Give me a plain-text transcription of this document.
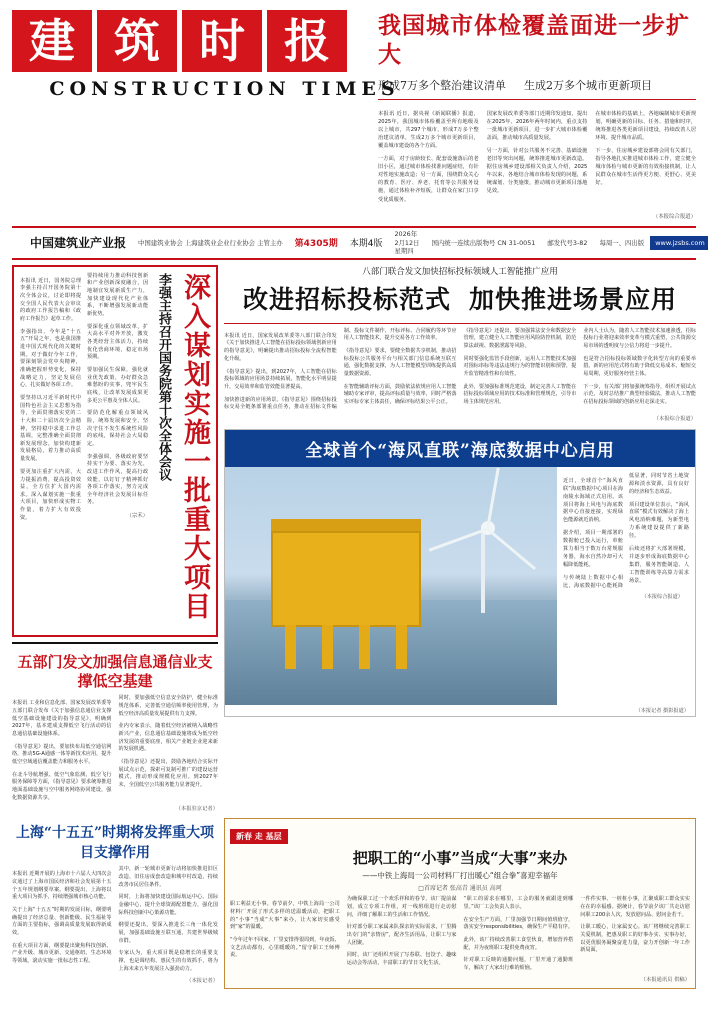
建 筑 时 报
CONSTRUCTION TIMES
我国城市体检覆盖面进一步扩大
形成7万多个整治建议清单 生成2万多个城市更新项目

本报讯 近日，据央视《新闻联播》报道，2025年，我国城市体检覆盖至所有地级及以上城市，共297个城市，形成7万多个整治建议清单，生成2万多个城市更新项目，覆盖城市建设的各个方面。

一方面，对于房龄较长、配套设施落后的老旧小区，通过城市体检找准问题症结，有针对性地实施改造；另一方面，围绕群众关心的教育、医疗、养老、托育等公共服务设施，通过体检补齐短板，让群众在家门口享受优质服务。

国家发展改革委等部门近期印发通知，提出在2025年、2026年两年时间内，重点支持一批城市更新项目，进一步扩大城市体检覆盖面，推动城市高质量发展。

另一方面，针对公共服务不完善、基础设施老旧等突出问题，统筹推进城市更新改造。据住房城乡建设部相关负责人介绍，2025年以来，各地结合城市体检发现的问题，系统谋划、分类施策，推动城市更新项目落地见效。

在城市体检的基础上，各地编制城市更新规划，明确更新的目标、任务、措施和时序，统筹推进各类更新项目建设，持续改善人居环境、提升城市品质。

下一步，住房城乡建设部将会同有关部门，指导各地扎实推进城市体检工作，建立健全城市体检与城市更新的有效衔接机制，让人民群众在城市生活得更方便、更舒心、更美好。

（本报综合报道）
中国建筑业产业报	中国建筑业协会 上海建筑业企业行业协会 主管主办	第4305期	本期4版
2026年
2月12日
星期四
国内统一连续出版物号 CN 31-0051	邮发代号3-82	每周一、四出版	www.jzsbs.com

本报讯 近日，国务院总理李强主持召开国务院第十次全体会议，讨论即将提交全国人民代表大会审议的政府工作报告稿和《政府工作报告》起草工作。

李强指出，今年是“十五五”开局之年，也是我国推进中国式现代化的关键时期。对于做好今年工作，要深刻领会党中央精神，准确把握形势变化，保持战略定力，坚定发展信心，扎实做好各项工作。

要坚持以习近平新时代中国特色社会主义思想为指导，全面贯彻落实党的二十大和二十届历次全会精神，坚持稳中求进工作总基调，完整准确全面贯彻新发展理念，加快构建新发展格局，着力推动高质量发展。

要更加注重扩大内需，大力提振消费，提高投资效益，全方位扩大国内需求。深入谋划实施一批重大项目，加快形成实物工作量，着力扩大有效投资。

要持续用力推动科技创新和产业创新深度融合，因地制宜发展新质生产力，加快建设现代化产业体系，不断增强发展新动能新优势。

要深化重点领域改革，扩大高水平对外开放，激发各类经营主体活力，持续优化营商环境，稳定市场预期。

要加强民生保障，强化就业优先政策，办好群众急难愁盼的实事，兜牢民生底线，让改革发展成果更多更公平惠及全体人民。

要防范化解重点领域风险，统筹发展和安全，坚决守住不发生系统性风险的底线，保持社会大局稳定。

李强强调，各级政府要坚持实干为要、落实为先，改进工作作风，提高行政效能，以钉钉子精神抓好各项工作落实，努力完成全年经济社会发展目标任务。

（宗禾）
李强主持召开国务院第十次全体会议 深入谋划实施一批重大项目
五部门发文加强信息通信业支撑低空基建

本报讯 工业和信息化部、国家发展改革委等五部门联合发布《关于加强信息通信业支撑低空基础设施建设的指导意见》，明确到2027年，基本建成支撑低空飞行活动的信息通信基础设施体系。

《指导意见》提出，要加快布局低空通信网络，推动5G-A通感一体等新技术应用，提升低空空域通信覆盖能力和服务水平。

在北斗导航增强、低空气象监测、低空飞行服务保障等方面，《指导意见》要求统筹推进地面基础设施与空中服务网络协同建设，强化数据资源共享。

同时，要加强低空信息安全防护，健全标准规范体系，完善低空通信频率使用管理，为低空经济高质量发展提供有力支撑。

业内专家表示，随着低空经济被纳入战略性新兴产业，信息通信基础设施将成为低空经济发展的重要底座，相关产业链企业迎来新的发展机遇。

《指导意见》还提出，鼓励各地结合实际开展试点示范，探索可复制可推广的建设运营模式，推动形成规模化应用。到2027年末，全国低空公共服务能力显著提升。

（本报驻京记者）
八部门联合发文加快招标投标领域人工智能推广应用
改进招标投标范式 加快推进场景应用

本报讯 近日，国家发展改革委等八部门联合印发《关于加快推进人工智能在招标投标领域创新应用的指导意见》，明确提出推动招标投标全流程智能化升级。

《指导意见》提出，到2027年，人工智能在招标投标领域的应用场景持续拓展，智能化水平明显提升，交易效率和监管效能显著提高。

加快推进新的应用场景。《指导意见》围绕招标投标交易全链条部署重点任务，推动在招标文件编制、投标文件制作、开标评标、合同履约等环节应用人工智能技术，提升交易各方工作效率。

《指导意见》要求，要健全数据共享机制，推动招标投标公共服务平台与相关部门信息系统互联互通，强化数据支撑，为人工智能模型训练提供高质量数据资源。

在智能辅助评标方面，鼓励依法依规应用人工智能辅助专家评审，提高评标质量与效率，同时严格落实评标专家主体责任，确保评标结果公平公正。

《指导意见》还提出，要加强算法安全和数据安全管理，建立健全人工智能应用风险防控机制，防范算法歧视、数据泄露等风险。

同时要强化监管手段创新，运用人工智能技术加强对围标串标等违法违规行为的智能识别和预警，提升监管精准性和有效性。

此外，要加强标准规范建设，制定完善人工智能在招标投标领域应用的技术标准和管理规范，引导市场主体规范应用。

业内人士认为，随着人工智能技术加速渗透，招标投标行业将迎来效率变革与模式重塑，公共资源交易市场的透明度与公信力将进一步提升。

也是符合招标投标领域数字化转型方向的重要举措。新的应用范式将有助于降低交易成本、缩短交易周期，更好服务经营主体。

下一步，有关部门将加强统筹指导，组织开展试点示范，及时总结推广典型经验做法，推动人工智能在招标投标领域的创新应用走深走实。

（本报综合报道）
全球首个“海风直联”海底数据中心启用

近日，全球首个“海风直联”海底数据中心项目在海南陵水海域正式启用。该项目将海上风电与海底数据中心直接连接，实现绿色能源就近消纳。

据介绍，项目一期部署的数据舱已投入运行，单舱算力相当于数万台常规服务器，海水自然冷却可大幅降低能耗。

与传统陆上数据中心相比，海底数据中心能耗降低显著，同时节省土地资源和淡水资源，具有良好的经济和生态效益。

项目建设单位表示，“海风直联”模式有效解决了海上风电消纳难题，为新型电力系统建设提供了新路径。

后续还将扩大部署规模，并逐步形成海底数据中心集群，服务智能制造、人工智能训练等高算力需求场景。

（本报综合报道）
（本报记者 摄影报道）
上海“十五五”时期将发挥重大项目支撑作用

本报讯 近期开展的上海市十六届人大四次会议通过了上海市国民经济和社会发展第十五个五年规划纲要草案。纲要提出，上海将以重大项目为抓手，持续增强城市核心功能。

关于上海“十五五”时期的发展目标，纲要明确提出了经济总量、创新能级、民生福祉等方面的主要指标，强调高质量发展取得新成效。

在重大项目方面，纲要提出聚焦科技创新、产业升级、城市更新、交通枢纽、生态环境等领域，滚动实施一批标志性工程。

其中，新一轮城市更新行动将加快推进旧区改造、旧住房成套改造和城中村改造，持续改善市民居住条件。

同时，上海将加快建设国际航运中心、国际金融中心，提升全球资源配置能力，强化国际科技创新中心策源功能。

纲要还提出，要深入推进长三角一体化发展，加强基础设施互联互通，共建世界级城市群。

专家认为，重大项目既是稳增长的重要支撑，也是调结构、惠民生的有效抓手，将为上海未来五年发展注入强劲动力。

（本报记者）
新春 走 基层
把职工的“小事”当成“大事”来办
——中铁上海局一公司材料厂打出暖心“组合拳”喜迎幸福年
□首席记者 张高青 通讯员 高珂

职工利益无小事。春节前夕，中铁上海局一公司材料厂开展了形式多样的送温暖活动，把职工的“小事”当成“大事”来办，让大家切实感受到“家”的温暖。

“今年过年不回家，厂里安排得很周到，年夜饭、文艺活动都有，心里暖暖的。”留守职工王师傅说。

为确保职工过一个欢乐祥和的春节，该厂提前谋划，成立专项工作组，对一线班组进行走访慰问，详细了解职工的生活和工作情况。

针对部分职工家属来队探亲的实际需求，厂里腾出专门的“亲情房”，配齐生活用品，让职工与家人团聚。

同时，该厂还组织开展了写春联、包饺子、趣味运动会等活动，丰富职工的节日文化生活。

“职工的需求在哪里，工会的服务就跟进到哪里。”该厂工会负责人表示。

在安全生产方面，厂里加强节日期间值班值守，落实安全responsibilities，确保生产平稳有序。

此外，该厂持续改善职工食堂伙食，增加营养搭配，并为夜班职工提供免费夜宵。

针对职工反映的通勤问题，厂里开通了通勤班车，解决了大家出行难的烦恼。

一件件实事、一桩桩小事，汇聚成职工群众实实在在的幸福感。据统计，春节前夕该厂共走访慰问职工200余人次，发放慰问品、慰问金若干。

让职工暖心，让家属安心。该厂将继续完善职工关爱机制，把惠及职工的好事办实、实事办好，以更优服务凝聚奋进力量，奋力开创新一年工作新局面。

（本报通讯员 供稿）
